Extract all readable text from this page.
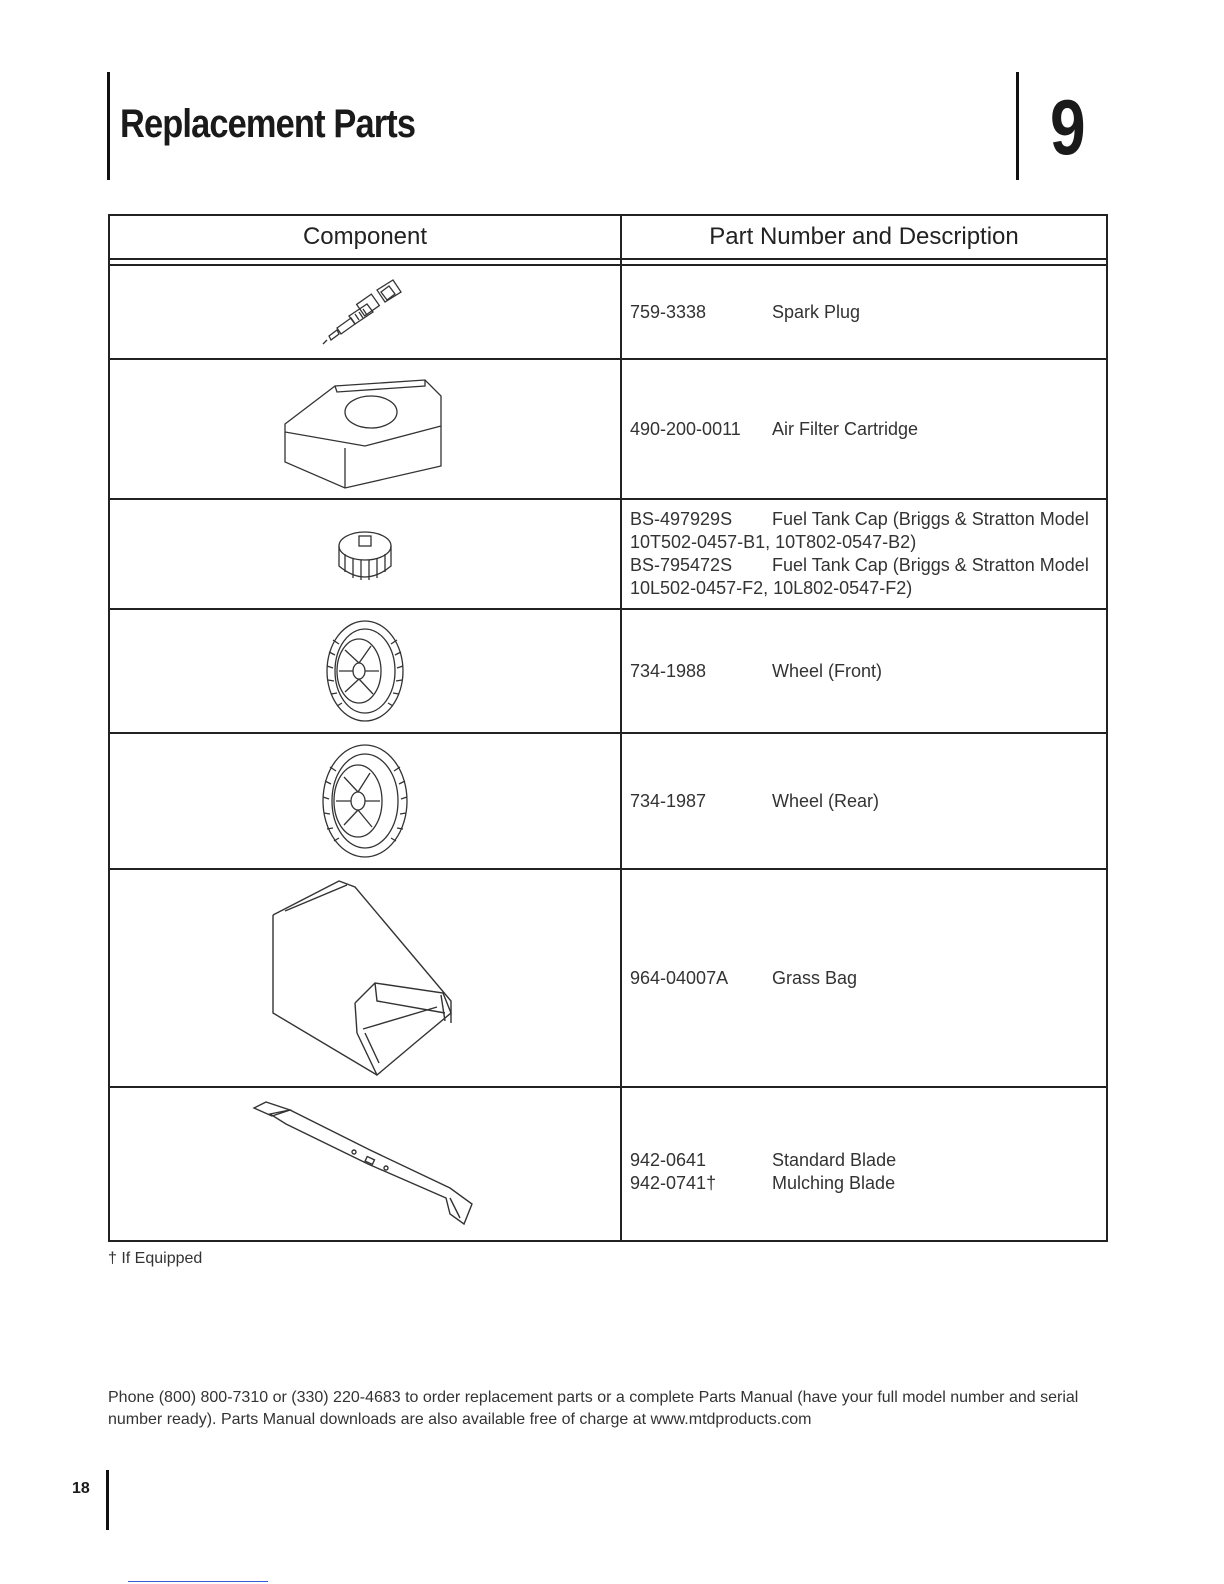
Replacement Parts	9
Component	Part Number and Description

759-3338 Spark Plug

490-200-0011 Air Filter Cartridge

BS-497929S Fuel Tank Cap (Briggs & Stratton Model
10T502-0457-B1, 10T802-0547-B2)
BS-795472S Fuel Tank Cap (Briggs & Stratton Model
10L502-0457-F2, 10L802-0547-F2)

734-1988 Wheel (Front)

734-1987 Wheel (Rear)

964-04007A Grass Bag

942-0641 Standard Blade
942-0741† Mulching Blade
† If Equipped
Phone (800) 800-7310 or (330) 220-4683 to order replacement parts or a complete Parts Manual (have your full model number and serial number ready). Parts Manual downloads are also available free of charge at www.mtdproducts.com
18
